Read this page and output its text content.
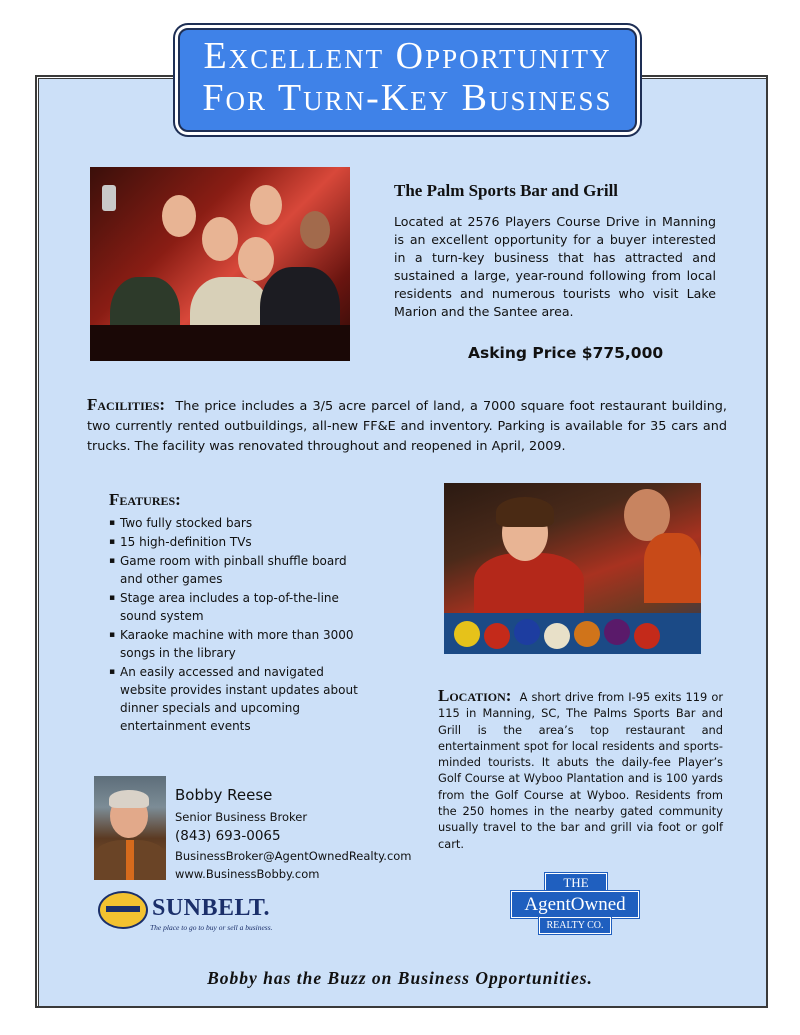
Excellent Opportunity
For Turn-Key Business
The Palm Sports Bar and Grill
Located at 2576 Players Course Drive in Manning is an excellent opportunity for a buyer interested in a turn-key business that has attracted and sustained a large, year-round following from local residents and numerous tourists who visit Lake Marion and the Santee area.
Asking Price $775,000
Facilities: The price includes a 3/5 acre parcel of land, a 7000 square foot restaurant building, two currently rented outbuildings, all-new FF&E and inventory. Parking is available for 35 cars and trucks. The facility was renovated throughout and reopened in April, 2009.
Features:
▪ Two fully stocked bars
▪ 15 high-definition TVs
▪ Game room with pinball shuffle board and other games
▪ Stage area includes a top-of-the-line sound system
▪ Karaoke machine with more than 3000 songs in the library
▪ An easily accessed and navigated website provides instant updates about dinner specials and upcoming entertainment events
Location: A short drive from I-95 exits 119 or 115 in Manning, SC, The Palms Sports Bar and Grill is the area’s top restaurant and entertainment spot for local residents and sports-minded tourists. It abuts the daily-fee Player’s Golf Course at Wyboo Plantation and is 100 yards from the Golf Course at Wyboo. Residents from the 250 homes in the nearby gated community usually travel to the bar and grill via foot or golf cart.
Bobby Reese
Senior Business Broker
(843) 693-0065
BusinessBroker@AgentOwnedRealty.com
www.BusinessBobby.com
SUNBELT.
The place to go to buy or sell a business.
THE
AgentOwned
REALTY CO.
Bobby has the Buzz on Business Opportunities.
